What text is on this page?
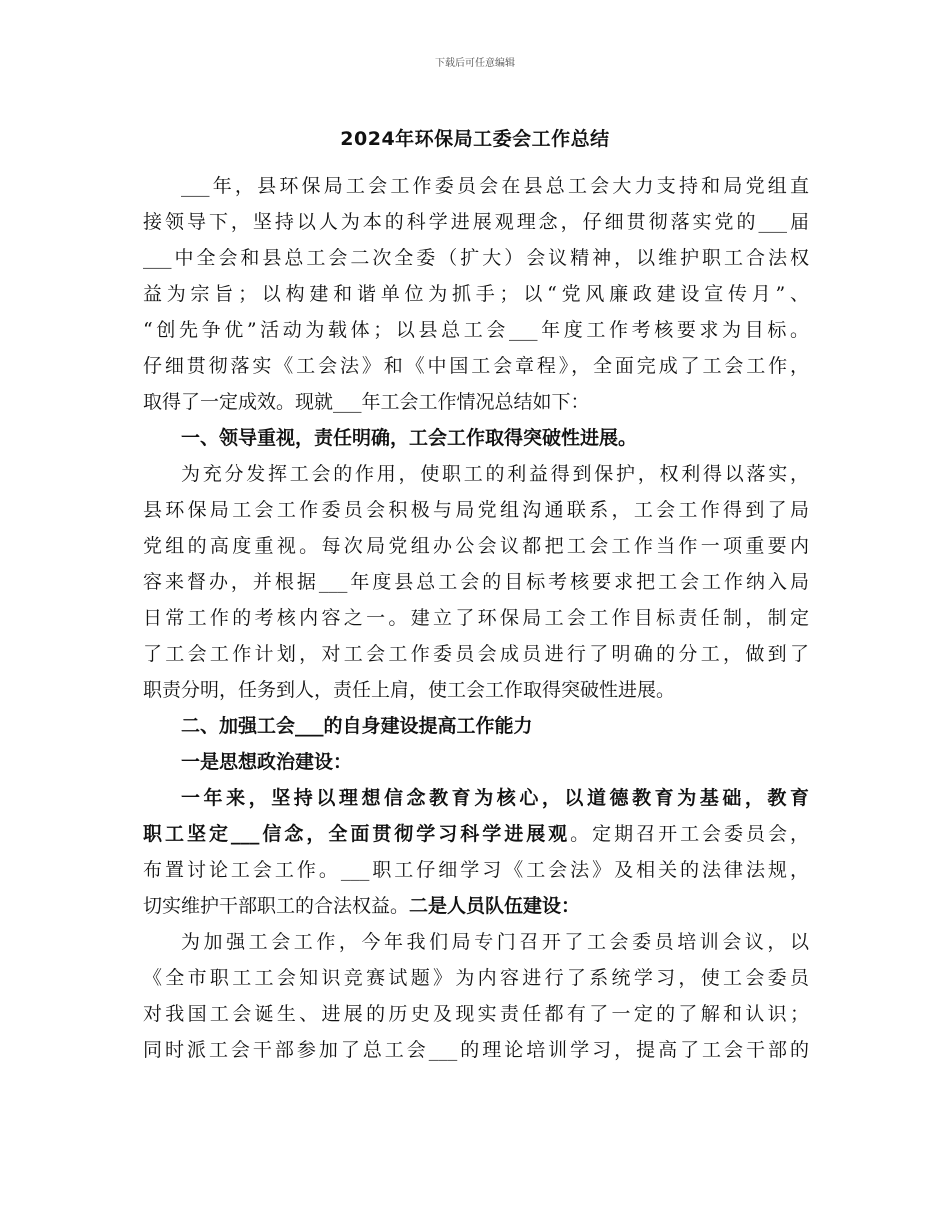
下载后可任意编辑
2024年环保局工委会工作总结
___年，县环保局工会工作委员会在县总工会大力支持和局党组直
接领导下，坚持以人为本的科学进展观理念，仔细贯彻落实党的___届
___中全会和县总工会二次全委（扩大）会议精神，以维护职工合法权
益为宗旨；以构建和谐单位为抓手；以“党风廉政建设宣传月”、
“创先争优”活动为载体；以县总工会___年度工作考核要求为目标。
仔细贯彻落实《工会法》和《中国工会章程》，全面完成了工会工作，
取得了一定成效。现就___年工会工作情况总结如下：
一、领导重视，责任明确，工会工作取得突破性进展。
为充分发挥工会的作用，使职工的利益得到保护，权利得以落实，
县环保局工会工作委员会积极与局党组沟通联系，工会工作得到了局
党组的高度重视。每次局党组办公会议都把工会工作当作一项重要内
容来督办，并根据___年度县总工会的目标考核要求把工会工作纳入局
日常工作的考核内容之一。建立了环保局工会工作目标责任制，制定
了工会工作计划，对工会工作委员会成员进行了明确的分工，做到了
职责分明，任务到人，责任上肩，使工会工作取得突破性进展。
二、加强工会___的自身建设提高工作能力
一是思想政治建设：
一年来，坚持以理想信念教育为核心，以道德教育为基础，教育
职工坚定___信念，全面贯彻学习科学进展观。定期召开工会委员会，
布置讨论工会工作。___职工仔细学习《工会法》及相关的法律法规，
切实维护干部职工的合法权益。二是人员队伍建设：
为加强工会工作，今年我们局专门召开了工会委员培训会议，以
《全市职工工会知识竞赛试题》为内容进行了系统学习，使工会委员
对我国工会诞生、进展的历史及现实责任都有了一定的了解和认识；
同时派工会干部参加了总工会___的理论培训学习，提高了工会干部的
